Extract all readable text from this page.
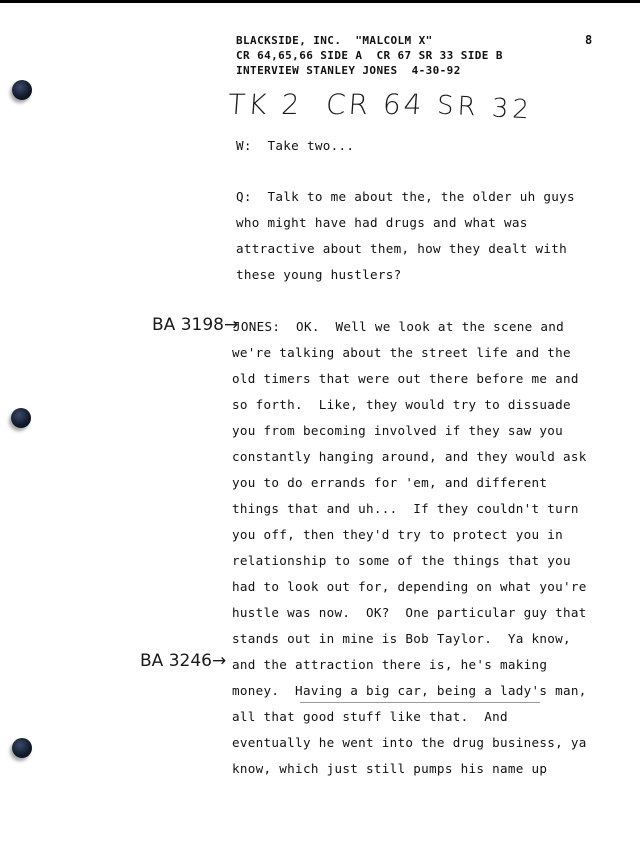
BLACKSIDE, INC.  "MALCOLM X"
CR 64,65,66 SIDE A  CR 67 SR 33 SIDE B
INTERVIEW STANLEY JONES  4-30-92
8
TK 2  CR 64 SR 32
W:  Take two...
Q:  Talk to me about the, the older uh guys
who might have had drugs and what was
attractive about them, how they dealt with
these young hustlers?
BA 3198→
BA 3246→
JONES:  OK.  Well we look at the scene and
we're talking about the street life and the
old timers that were out there before me and
so forth.  Like, they would try to dissuade
you from becoming involved if they saw you
constantly hanging around, and they would ask
you to do errands for 'em, and different
things that and uh...  If they couldn't turn
you off, then they'd try to protect you in
relationship to some of the things that you
had to look out for, depending on what you're
hustle was now.  OK?  One particular guy that
stands out in mine is Bob Taylor.  Ya know,
and the attraction there is, he's making
money.  Having a big car, being a lady's man,
all that good stuff like that.  And
eventually he went into the drug business, ya
know, which just still pumps his name up
